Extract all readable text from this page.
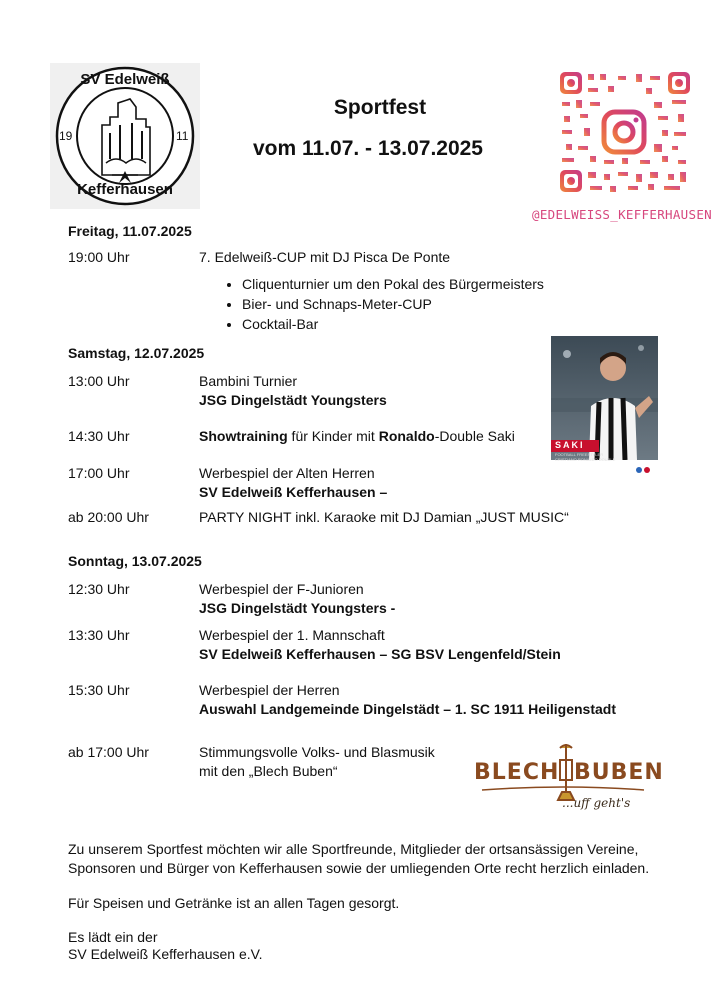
SV Edelweiß
19	11
Kefferhausen
Sportfest
vom 11.07. - 13.07.2025
@EDELWEISS_KEFFERHAUSEN
Freitag, 11.07.2025
19:00 Uhr	7. Edelweiß-CUP mit DJ Pisca De Ponte
• Cliquenturnier um den Pokal des Bürgermeisters
• Bier- und Schnaps-Meter-CUP
• Cocktail-Bar
Samstag, 12.07.2025
13:00 Uhr	Bambini Turnier
JSG Dingelstädt Youngsters
14:30 Uhr	Showtraining für Kinder mit Ronaldo-Double Saki
17:00 Uhr	Werbespiel der Alten Herren
SV Edelweiß Kefferhausen –
ab 20:00 Uhr	PARTY NIGHT inkl. Karaoke mit DJ Damian „JUST MUSIC“
SAKI
FOOTBALL FREESTYLER
CRISTIANO RONALDO DOUBLE
Sonntag, 13.07.2025
12:30 Uhr	Werbespiel der F-Junioren
JSG Dingelstädt Youngsters -
13:30 Uhr	Werbespiel der 1. Mannschaft
SV Edelweiß Kefferhausen – SG BSV Lengenfeld/Stein
15:30 Uhr	Werbespiel der Herren
Auswahl Landgemeinde Dingelstädt – 1. SC 1911 Heiligenstadt
ab 17:00 Uhr	Stimmungsvolle Volks- und Blasmusik
mit den „Blech Buben“	BLECH BUBEN
...uff geht's
Zu unserem Sportfest möchten wir alle Sportfreunde, Mitglieder der ortsansässigen Vereine,
Sponsoren und Bürger von Kefferhausen sowie der umliegenden Orte recht herzlich einladen.
Für Speisen und Getränke ist an allen Tagen gesorgt.
Es lädt ein der
SV Edelweiß Kefferhausen e.V.
